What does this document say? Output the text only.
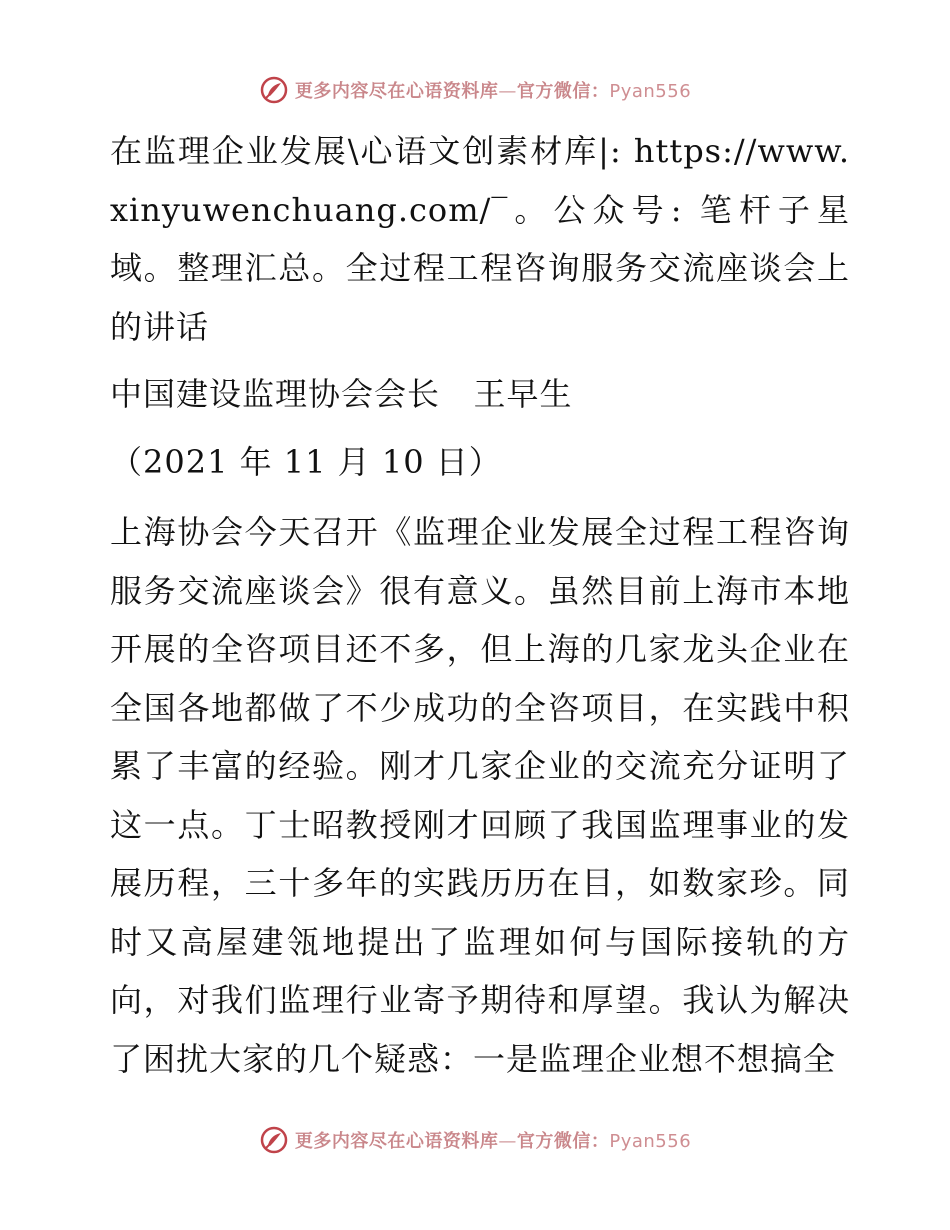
更多内容尽在心语资料库—官方微信：Pyan556

在监理企业发展\心语文创素材库|: https://www.xinyuwenchuang.com/‾。公众号: 笔杆子星域。整理汇总。全过程工程咨询服务交流座谈会上的讲话

中国建设监理协会会长   王早生

（2021 年 11 月 10 日）

上海协会今天召开《监理企业发展全过程工程咨询服务交流座谈会》很有意义。虽然目前上海市本地开展的全咨项目还不多，但上海的几家龙头企业在全国各地都做了不少成功的全咨项目，在实践中积累了丰富的经验。刚才几家企业的交流充分证明了这一点。丁士昭教授刚才回顾了我国监理事业的发展历程，三十多年的实践历历在目，如数家珍。同时又高屋建瓴地提出了监理如何与国际接轨的方向，对我们监理行业寄予期待和厚望。我认为解决了困扰大家的几个疑惑：一是监理企业想不想搞全

更多内容尽在心语资料库—官方微信：Pyan556
